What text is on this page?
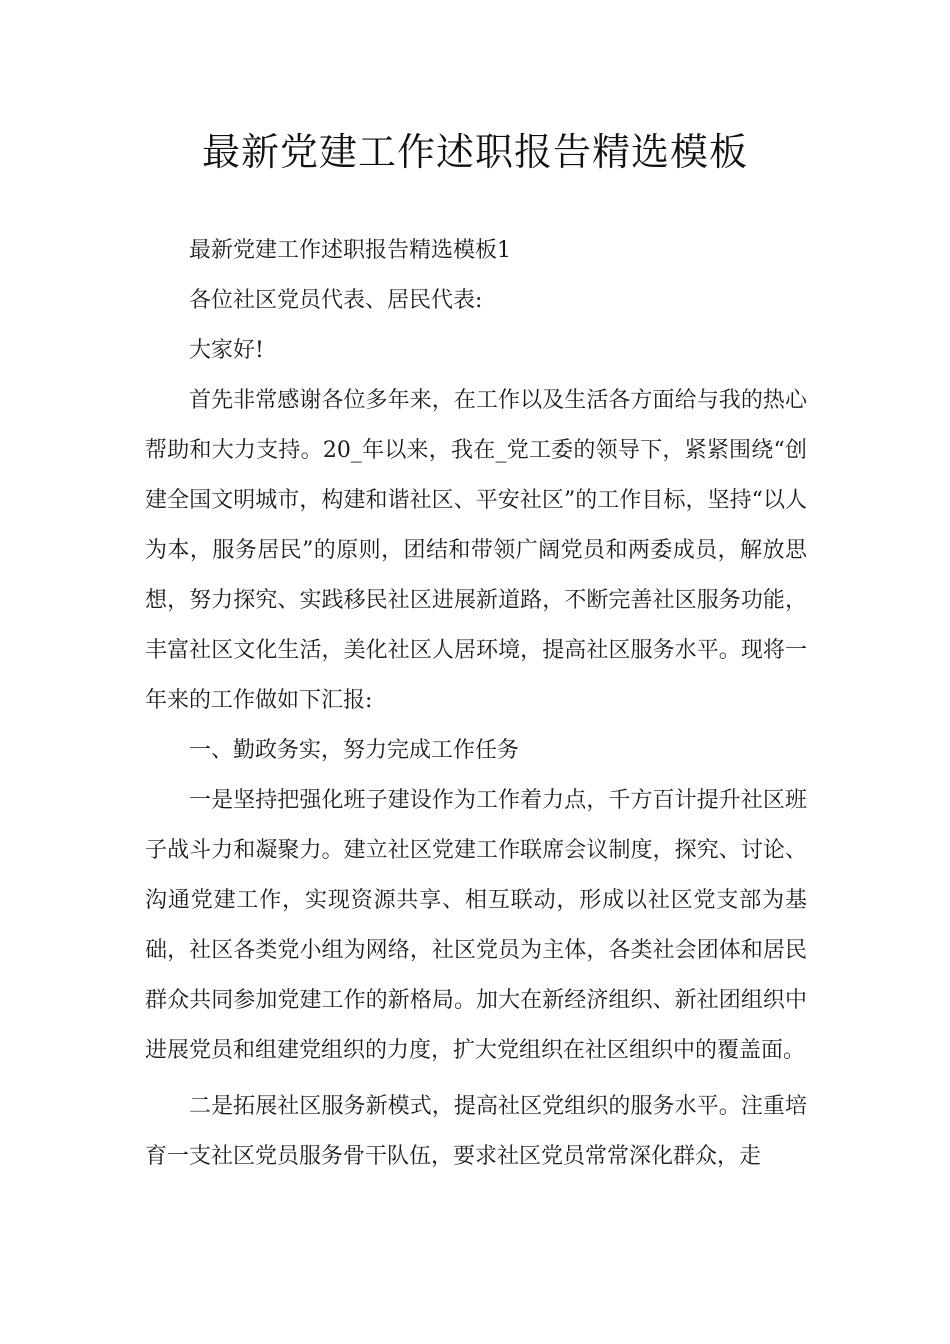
最新党建工作述职报告精选模板

最新党建工作述职报告精选模板1

各位社区党员代表、居民代表:

大家好!

首先非常感谢各位多年来，在工作以及生活各方面给与我的热心帮助和大力支持。20_年以来，我在_党工委的领导下，紧紧围绕“创建全国文明城市，构建和谐社区、平安社区”的工作目标，坚持“以人为本，服务居民”的原则，团结和带领广阔党员和两委成员，解放思想，努力探究、实践移民社区进展新道路，不断完善社区服务功能，丰富社区文化生活，美化社区人居环境，提高社区服务水平。现将一年来的工作做如下汇报:

一、勤政务实，努力完成工作任务

一是坚持把强化班子建设作为工作着力点，千方百计提升社区班子战斗力和凝聚力。建立社区党建工作联席会议制度，探究、讨论、沟通党建工作，实现资源共享、相互联动，形成以社区党支部为基础，社区各类党小组为网络，社区党员为主体，各类社会团体和居民群众共同参加党建工作的新格局。加大在新经济组织、新社团组织中进展党员和组建党组织的力度，扩大党组织在社区组织中的覆盖面。

二是拓展社区服务新模式，提高社区党组织的服务水平。注重培育一支社区党员服务骨干队伍，要求社区党员常常深化群众，走
